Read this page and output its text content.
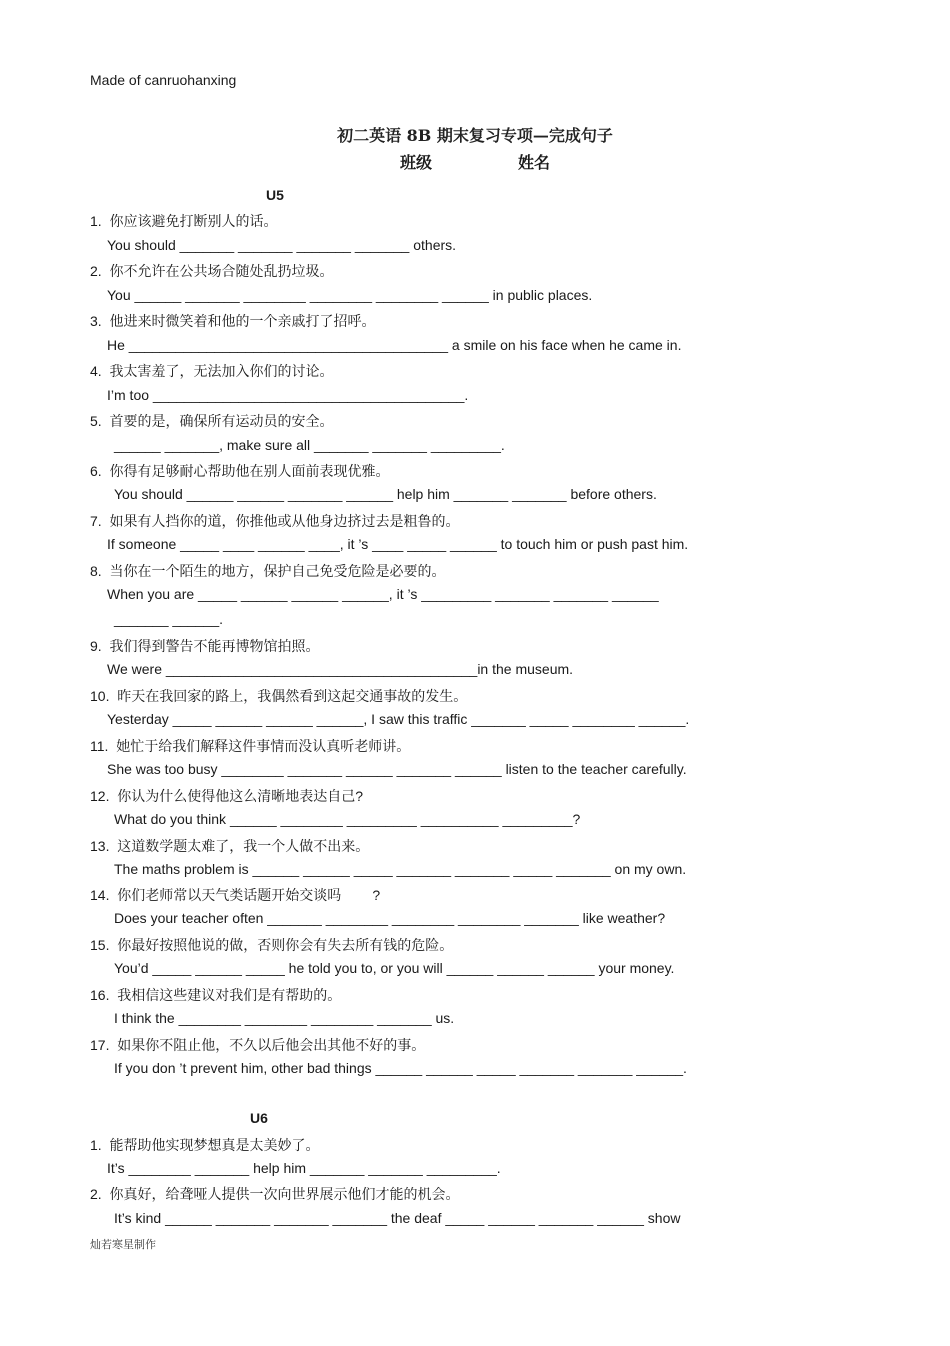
Made of canruohanxing
初二英语 8B 期末复习专项—完成句子
班级	姓名
U5
1.  你应该避免打断别人的话。
You should _______ _______ _______ _______ others.
2.  你不允许在公共场合随处乱扔垃圾。
You ______ _______ ________ ________ ________ ______ in public places.
3.  他进来时微笑着和他的一个亲戚打了招呼。
He _________________________________________ a smile on his face when he came in.
4.  我太害羞了，无法加入你们的讨论。
I’m too ________________________________________.
5.  首要的是，确保所有运动员的安全。
______ _______, make sure all _______ _______ _________.
6.  你得有足够耐心帮助他在别人面前表现优雅。
You should ______ ______ _______ ______ help him _______ _______ before others.
7.  如果有人挡你的道，你推他或从他身边挤过去是粗鲁的。
If someone _____ ____ ______ ____, it ’s ____ _____ ______ to touch him or push past him.
8.  当你在一个陌生的地方，保护自己免受危险是必要的。
When you are _____ ______ ______ ______, it ’s _________ _______ _______ ______
_______ ______.
9.  我们得到警告不能再博物馆拍照。
We were ________________________________________in the museum.
10.  昨天在我回家的路上，我偶然看到这起交通事故的发生。
Yesterday _____ ______ ______ ______, I saw this traffic _______ _____ ________ ______.
11.  她忙于给我们解释这件事情而没认真听老师讲。
She was too busy ________ _______ ______ _______ ______ listen to the teacher carefully.
12.  你认为什么使得他这么清晰地表达自己?
What do you think ______ ________ _________ __________ _________?
13.  这道数学题太难了，我一个人做不出来。
The maths problem is ______ ______ _____ _______ _______ _____ _______ on my own.
14.  你们老师常以天气类话题开始交谈吗        ?
Does your teacher often _______ ________ ________ ________ _______ like weather?
15.  你最好按照他说的做，否则你会有失去所有钱的危险。
You’d _____ ______ _____ he told you to, or you will ______ ______ ______ your money.
16.  我相信这些建议对我们是有帮助的。
I think the ________ ________ ________ _______ us.
17.  如果你不阻止他，不久以后他会出其他不好的事。
If you don ’t prevent him, other bad things ______ ______ _____ _______ _______ ______.
U6
1.  能帮助他实现梦想真是太美妙了。
It’s ________ _______ help him _______ _______ _________.
2.  你真好，给聋哑人提供一次向世界展示他们才能的机会。
It’s kind ______ _______ _______ _______ the deaf _____ ______ _______ ______ show
灿若寒星制作
